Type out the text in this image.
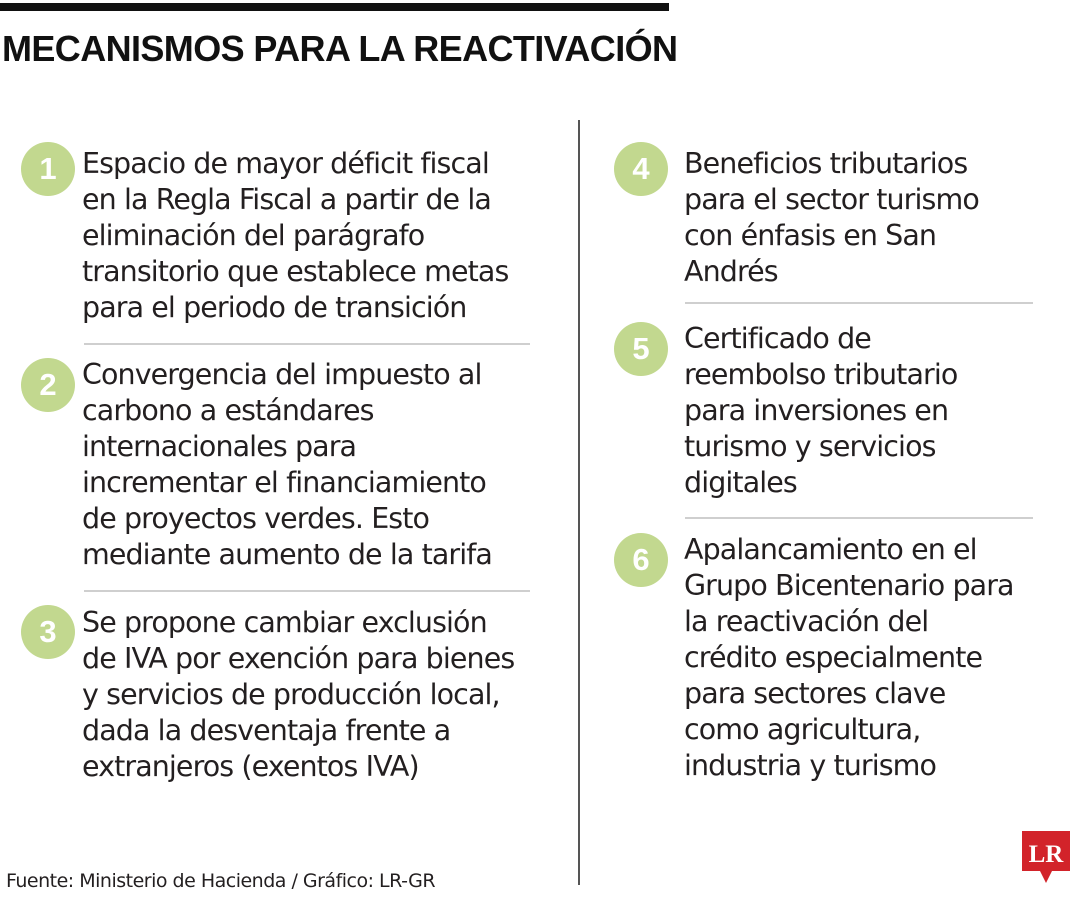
MECANISMOS PARA LA REACTIVACIÓN
1 Espacio de mayor déficit fiscal
en la Regla Fiscal a partir de la
eliminación del parágrafo
transitorio que establece metas
para el periodo de transición

2 Convergencia del impuesto al
carbono a estándares
internacionales para
incrementar el financiamiento
de proyectos verdes. Esto
mediante aumento de la tarifa

3 Se propone cambiar exclusión
de IVA por exención para bienes
y servicios de producción local,
dada la desventaja frente a
extranjeros (exentos IVA)

4	Beneficios tributarios
para el sector turismo
con énfasis en San
Andrés

5	Certificado de
reembolso tributario
para inversiones en
turismo y servicios
digitales

6	Apalancamiento en el
Grupo Bicentenario para
la reactivación del
crédito especialmente
para sectores clave
como agricultura,
industria y turismo

Fuente: Ministerio de Hacienda / Gráfico: LR-GR

LR
